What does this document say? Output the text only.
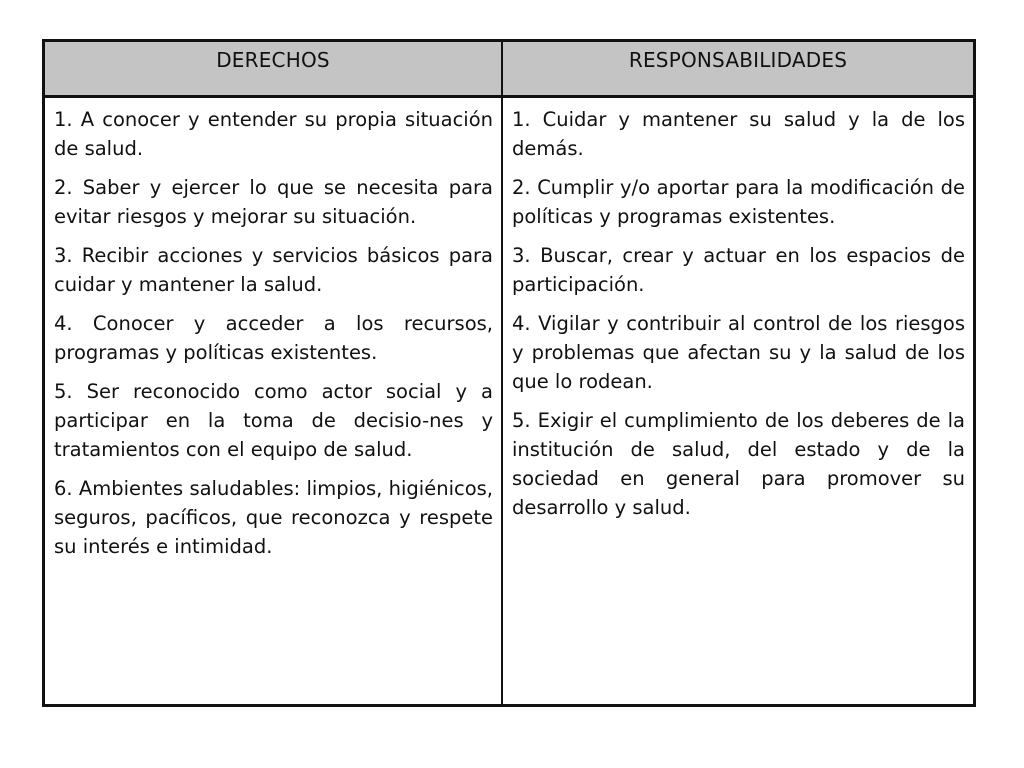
DERECHOS	RESPONSABILIDADES

1. A conocer y entender su propia situación de salud.

2. Saber y ejercer lo que se necesita para evitar riesgos y mejorar su situación.

3. Recibir acciones y servicios básicos para cuidar y mantener la salud.

4. Conocer y acceder a los recursos, programas y políticas existentes.

5. Ser reconocido como actor social y a participar en la toma de decisio-nes y tratamientos con el equipo de salud.

6. Ambientes saludables: limpios, higiénicos, seguros, pacíficos, que reconozca y respete su interés e intimidad.

1. Cuidar y mantener su salud y la de los demás.

2. Cumplir y/o aportar para la modificación de políticas y programas existentes.

3. Buscar, crear y actuar en los espacios de participación.

4. Vigilar y contribuir al control de los riesgos y problemas que afectan su y la salud de los que lo rodean.

5. Exigir el cumplimiento de los deberes de la institución de salud, del estado y de la sociedad en general para promover su desarrollo y salud.
